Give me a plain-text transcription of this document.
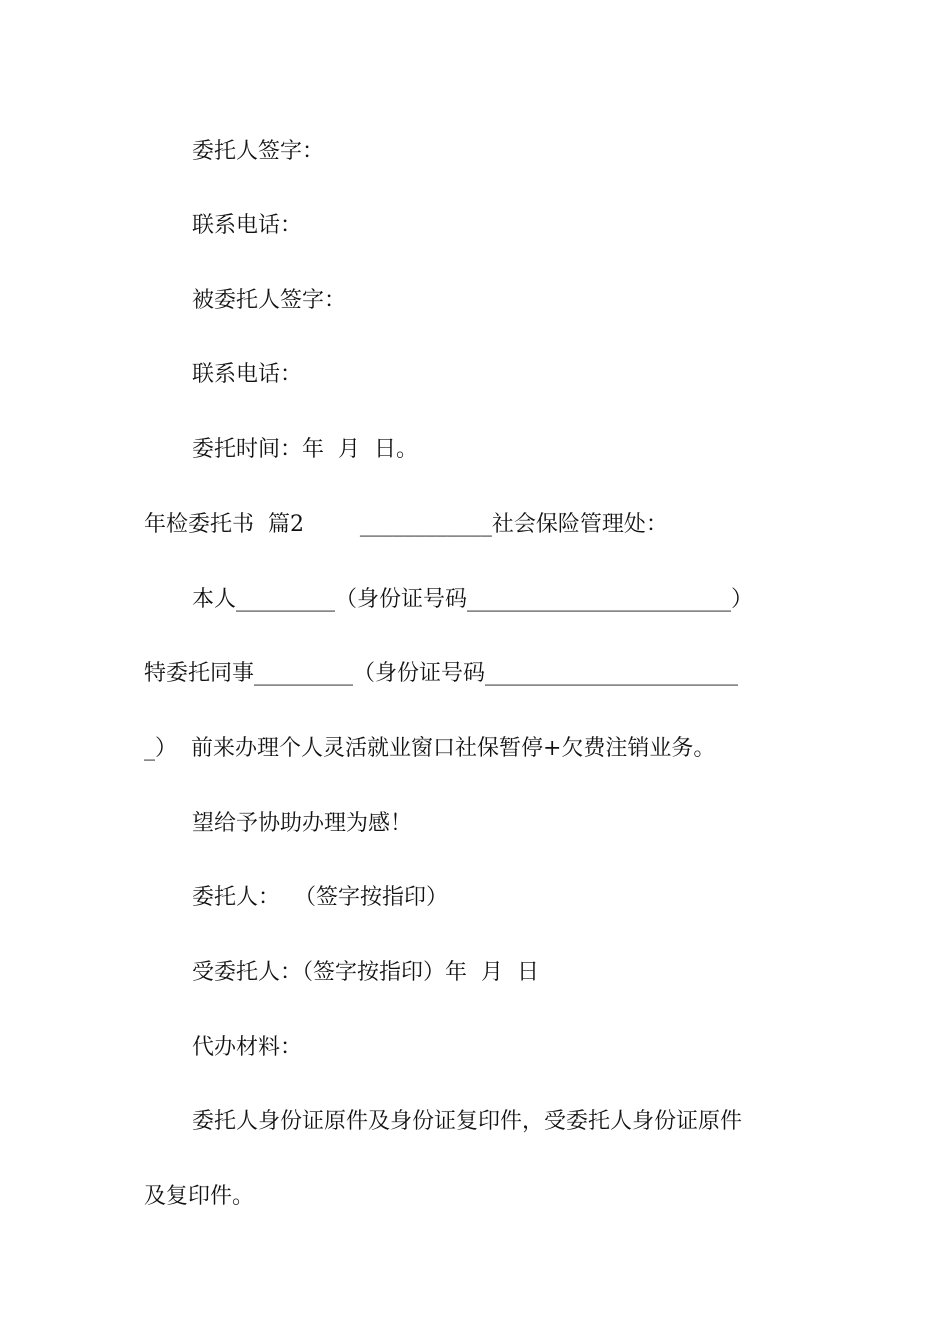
委托人签字：
联系电话：
被委托人签字：
联系电话：
委托时间：年  月  日。
年检委托书  篇2        ____________社会保险管理处：
本人_________（身份证号码________________________）
特委托同事_________（身份证号码_______________________
_）  前来办理个人灵活就业窗口社保暂停+欠费注销业务。
望给予协助办理为感！
委托人：  （签字按指印）
受委托人：（签字按指印）年  月  日
代办材料：
委托人身份证原件及身份证复印件，受委托人身份证原件
及复印件。
